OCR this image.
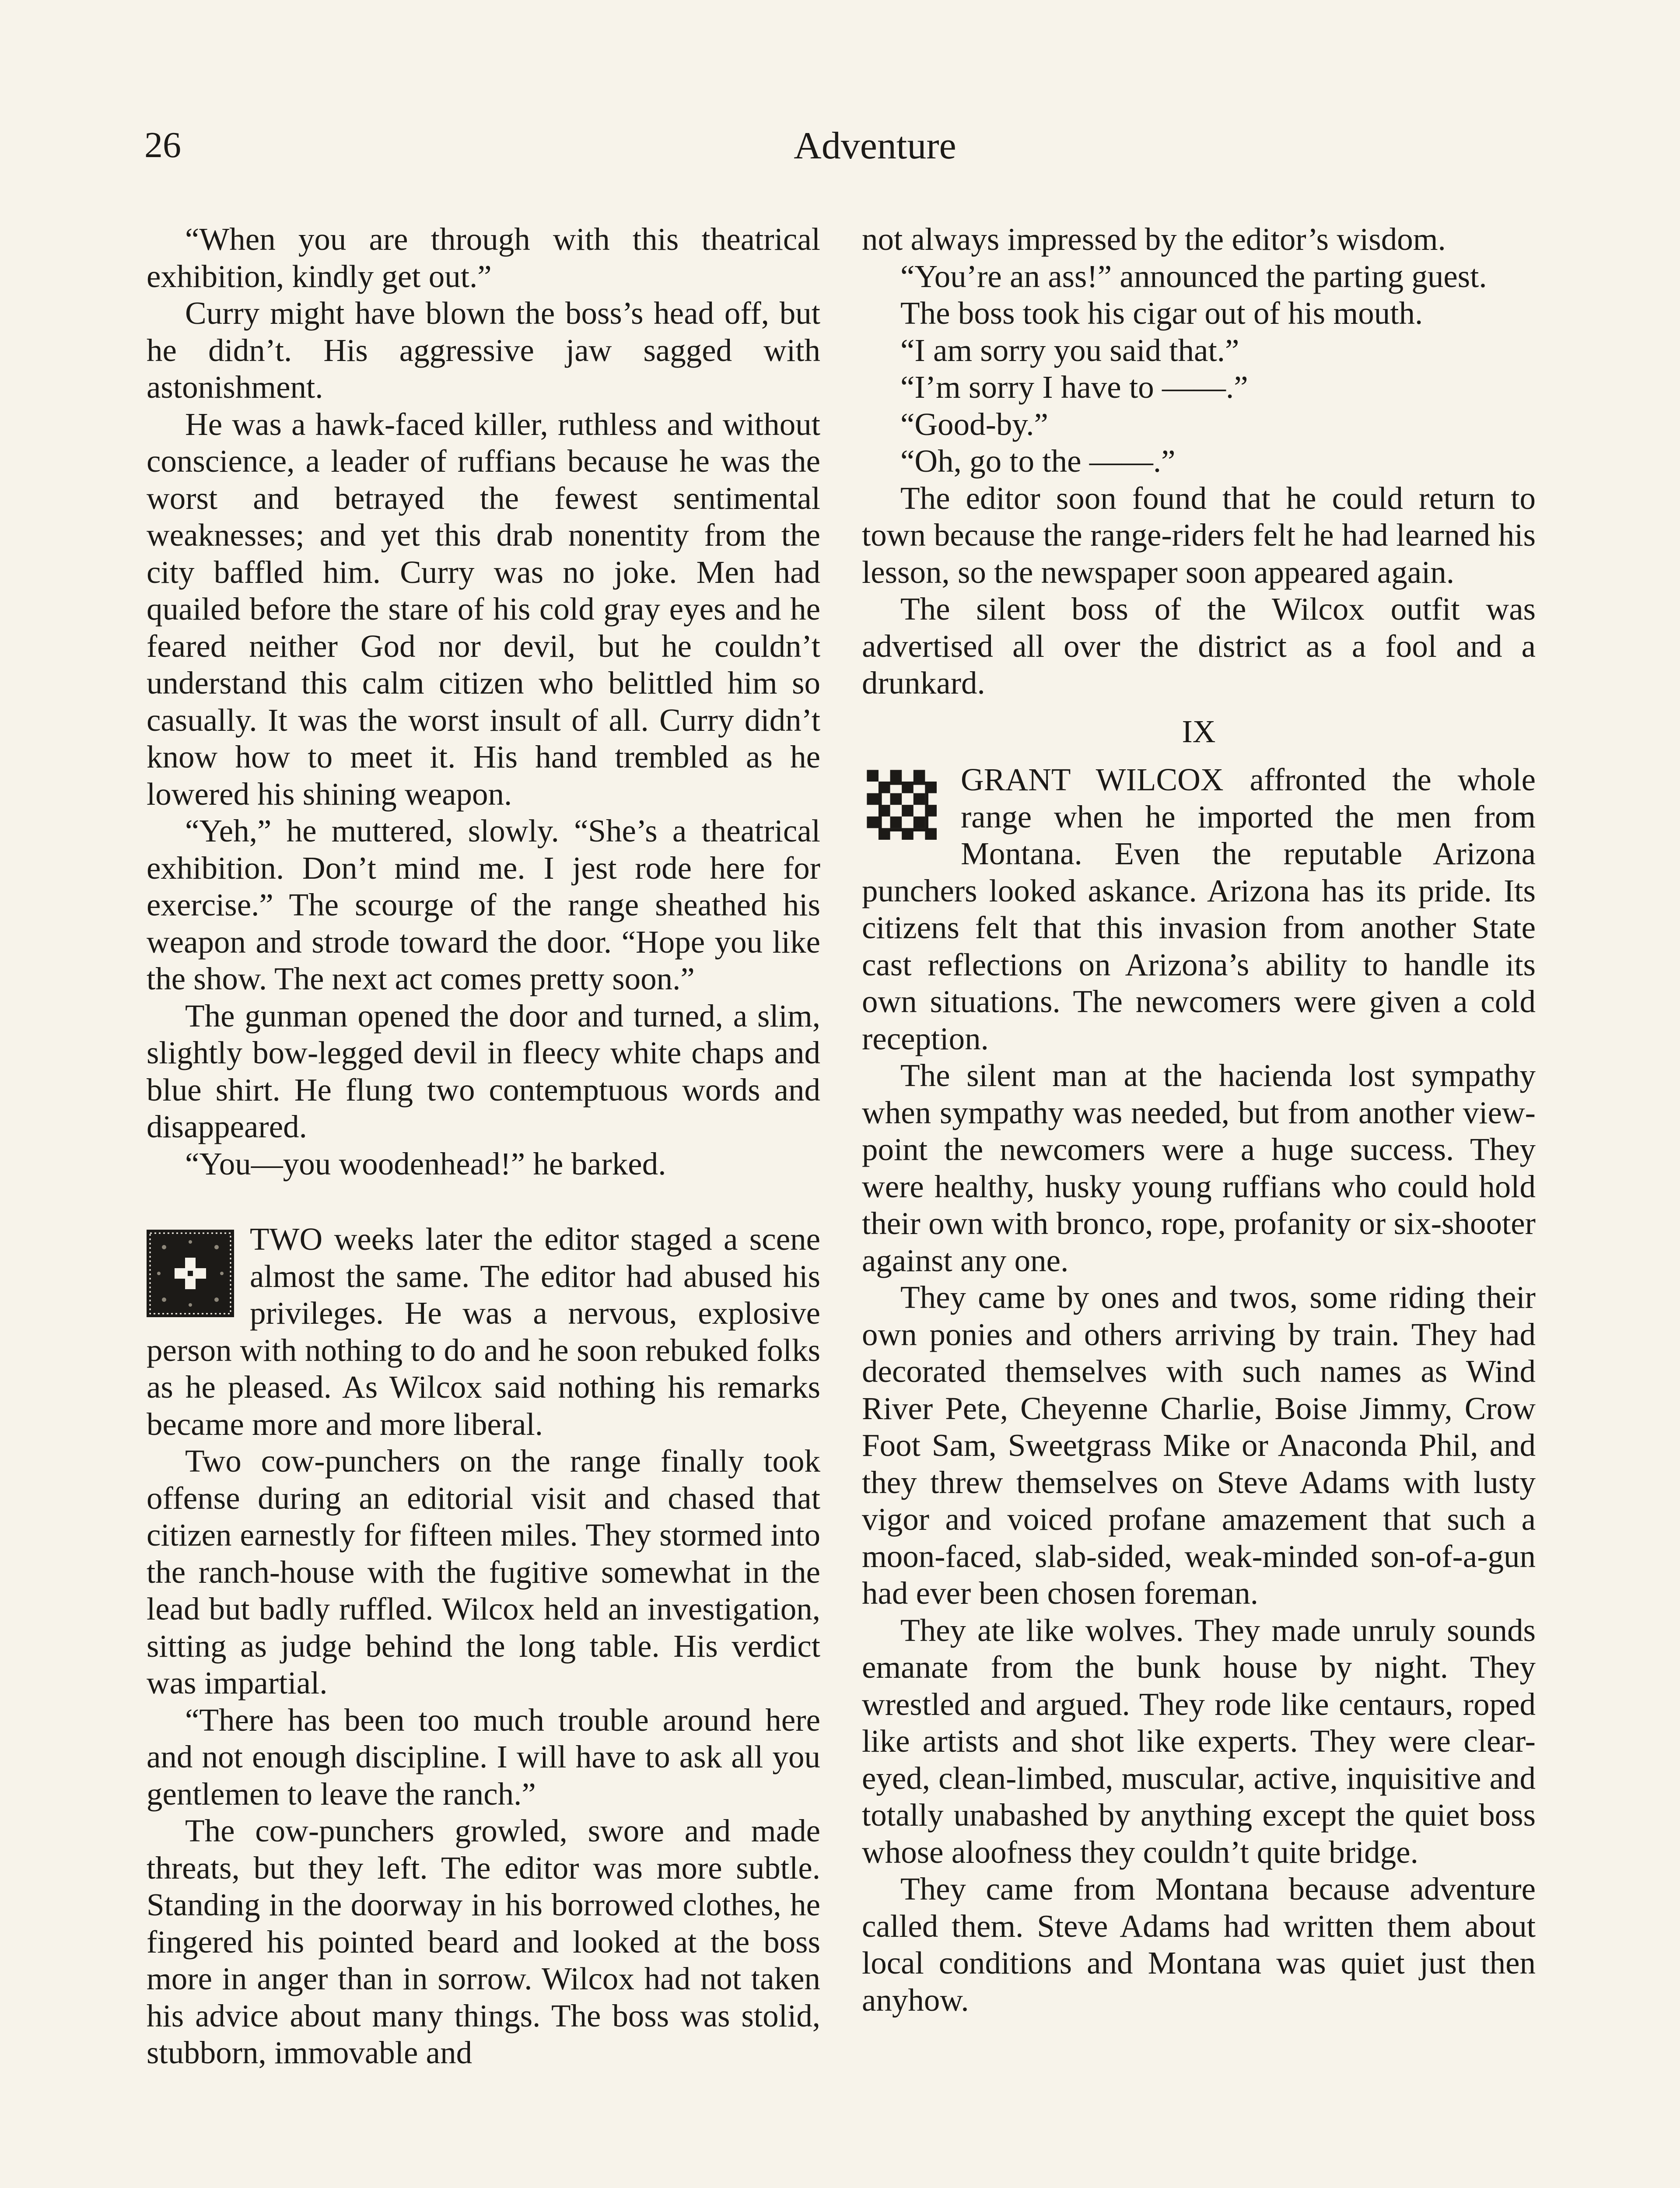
26	Adventure

“When you are through with this theatrical exhibition, kindly get out.”

Curry might have blown the boss’s head off, but he didn’t. His aggressive jaw sagged with astonishment.

He was a hawk-faced killer, ruthless and without conscience, a leader of ruffians because he was the worst and betrayed the fewest sentimental weaknesses; and yet this drab nonentity from the city baffled him. Curry was no joke. Men had quailed before the stare of his cold gray eyes and he feared neither God nor devil, but he couldn’t understand this calm citizen who belittled him so casually. It was the worst insult of all. Curry didn’t know how to meet it. His hand trembled as he lowered his shining weapon.

“Yeh,” he muttered, slowly. “She’s a theatrical exhibition. Don’t mind me. I jest rode here for exercise.” The scourge of the range sheathed his weapon and strode toward the door. “Hope you like the show. The next act comes pretty soon.”

The gunman opened the door and turned, a slim, slightly bow-legged devil in fleecy white chaps and blue shirt. He flung two contemptuous words and disappeared.

“You—you woodenhead!” he barked.

TWO weeks later the editor staged a scene almost the same. The editor had abused his privileges. He was a nervous, explosive person with nothing to do and he soon rebuked folks as he pleased. As Wilcox said nothing his remarks became more and more liberal.

Two cow-punchers on the range finally took offense during an editorial visit and chased that citizen earnestly for fifteen miles. They stormed into the ranch-house with the fugitive somewhat in the lead but badly ruffled. Wilcox held an investigation, sitting as judge behind the long table. His verdict was impartial.

“There has been too much trouble around here and not enough discipline. I will have to ask all you gentlemen to leave the ranch.”

The cow-punchers growled, swore and made threats, but they left. The editor was more subtle. Standing in the doorway in his borrowed clothes, he fingered his pointed beard and looked at the boss more in anger than in sorrow. Wilcox had not taken his advice about many things. The boss was stolid, stubborn, immovable and

not always impressed by the editor’s wisdom.

“You’re an ass!” announced the parting guest.

The boss took his cigar out of his mouth.

“I am sorry you said that.”

“I’m sorry I have to ——.”

“Good-by.”

“Oh, go to the ——.”

The editor soon found that he could return to town because the range-riders felt he had learned his lesson, so the newspaper soon appeared again.

The silent boss of the Wilcox outfit was advertised all over the district as a fool and a drunkard.

IX

GRANT WILCOX affronted the whole range when he imported the men from Montana. Even the reputable Arizona punchers looked askance. Arizona has its pride. Its citizens felt that this invasion from another State cast reflections on Arizona’s ability to handle its own situations. The newcomers were given a cold reception.

The silent man at the hacienda lost sympathy when sympathy was needed, but from another view-point the newcomers were a huge success. They were healthy, husky young ruffians who could hold their own with bronco, rope, profanity or six-shooter against any one.

They came by ones and twos, some riding their own ponies and others arriving by train. They had decorated themselves with such names as Wind River Pete, Cheyenne Charlie, Boise Jimmy, Crow Foot Sam, Sweetgrass Mike or Anaconda Phil, and they threw themselves on Steve Adams with lusty vigor and voiced profane amazement that such a moon-faced, slab-sided, weak-minded son-of-a-gun had ever been chosen foreman.

They ate like wolves. They made unruly sounds emanate from the bunk house by night. They wrestled and argued. They rode like centaurs, roped like artists and shot like experts. They were clear-eyed, clean-limbed, muscular, active, inquisitive and totally unabashed by anything except the quiet boss whose aloofness they couldn’t quite bridge.

They came from Montana because adventure called them. Steve Adams had written them about local conditions and Montana was quiet just then anyhow.
